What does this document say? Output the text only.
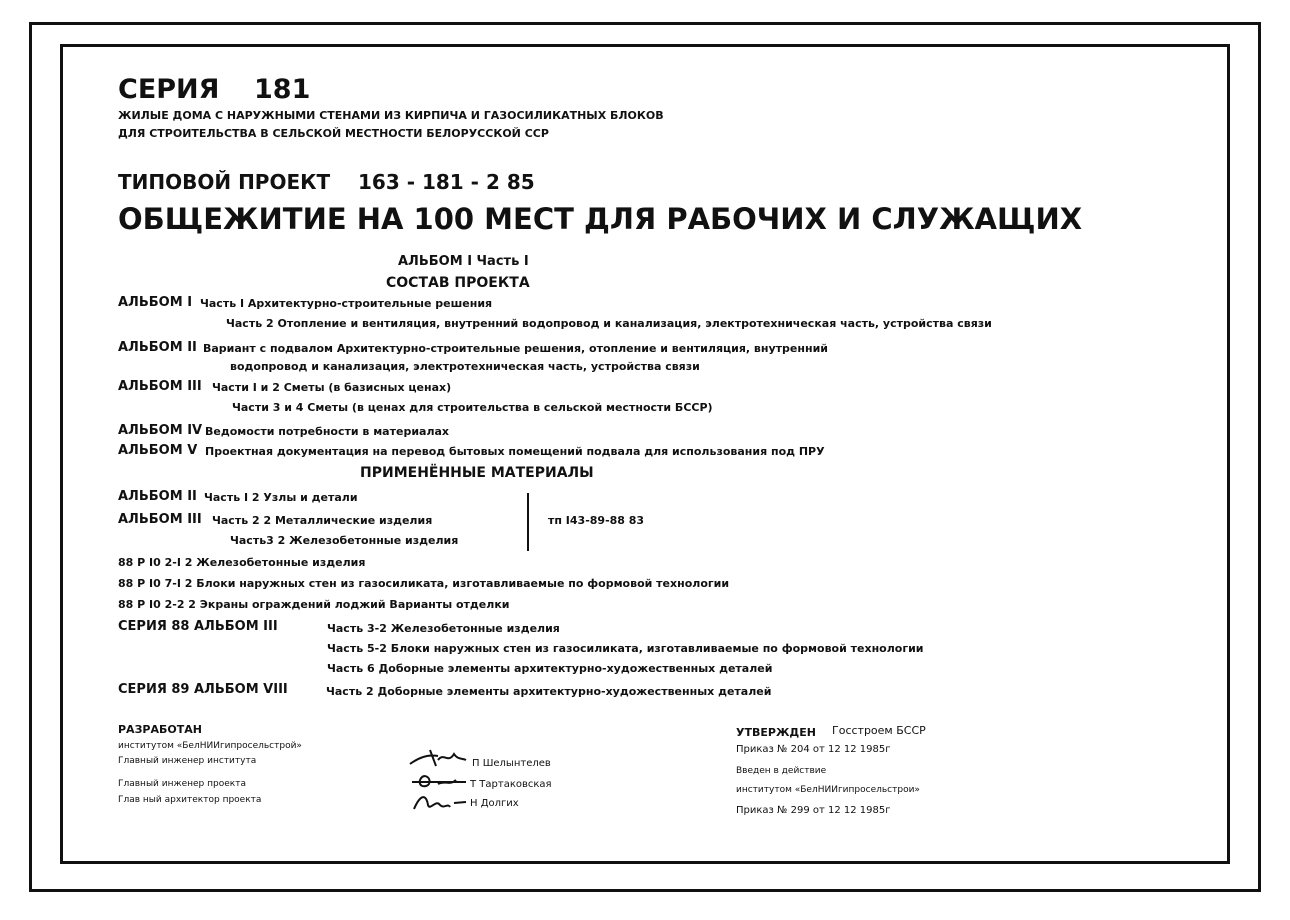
СЕРИЯ 181
ЖИЛЫЕ ДОМА С НАРУЖНЫМИ СТЕНАМИ ИЗ КИРПИЧА И ГАЗОСИЛИКАТНЫХ БЛОКОВ
ДЛЯ СТРОИТЕЛЬСТВА В СЕЛЬСКОЙ МЕСТНОСТИ БЕЛОРУССКОЙ ССР
ТИПОВОЙ ПРОЕКТ 163 - 181 - 2 85
ОБЩЕЖИТИЕ НА 100 МЕСТ ДЛЯ РАБОЧИХ И СЛУЖАЩИХ
АЛЬБОМ I Часть I
СОСТАВ ПРОЕКТА
АЛЬБОМ I Часть I Архитектурно-строительные решения
Часть 2 Отопление и вентиляция, внутренний водопровод и канализация, электротехническая часть, устройства связи
АЛЬБОМ II Вариант с подвалом Архитектурно-строительные решения, отопление и вентиляция, внутренний
водопровод и канализация, электротехническая часть, устройства связи
АЛЬБОМ III Части I и 2 Сметы (в базисных ценах)
Части 3 и 4 Сметы (в ценах для строительства в сельской местности БССР)
АЛЬБОМ IV Ведомости потребности в материалах
АЛЬБОМ V Проектная документация на перевод бытовых помещений подвала для использования под ПРУ
ПРИМЕНЁННЫЕ МАТЕРИАЛЫ
АЛЬБОМ II Часть I 2 Узлы и детали
АЛЬБОМ III Часть 2 2 Металлические изделия
Часть3 2 Железобетонные изделия
тп I43-89-88 83
88 Р I0 2-I 2 Железобетонные изделия
88 Р I0 7-I 2 Блоки наружных стен из газосиликата, изготавливаемые по формовой технологии
88 Р I0 2-2 2 Экраны ограждений лоджий Варианты отделки
СЕРИЯ 88 АЛЬБОМ III	Часть 3-2 Железобетонные изделия
Часть 5-2 Блоки наружных стен из газосиликата, изготавливаемые по формовой технологии
Часть 6 Доборные элементы архитектурно-художественных деталей
СЕРИЯ 89 АЛЬБОМ VIII	Часть 2 Доборные элементы архитектурно-художественных деталей
РАЗРАБОТАН
институтом «БелНИИгипросельстрой»
Главный инженер института	П Шелынтелев
Главный инженер проекта	Т Тартаковская
Глав ный архитектор проекта	Н Долгих
УТВЕРЖДЕН Госстроем БССР
Приказ № 204 от 12 12 1985г
Введен в действие
институтом «БелНИИгипросельстрои»
Приказ № 299 от 12 12 1985г
